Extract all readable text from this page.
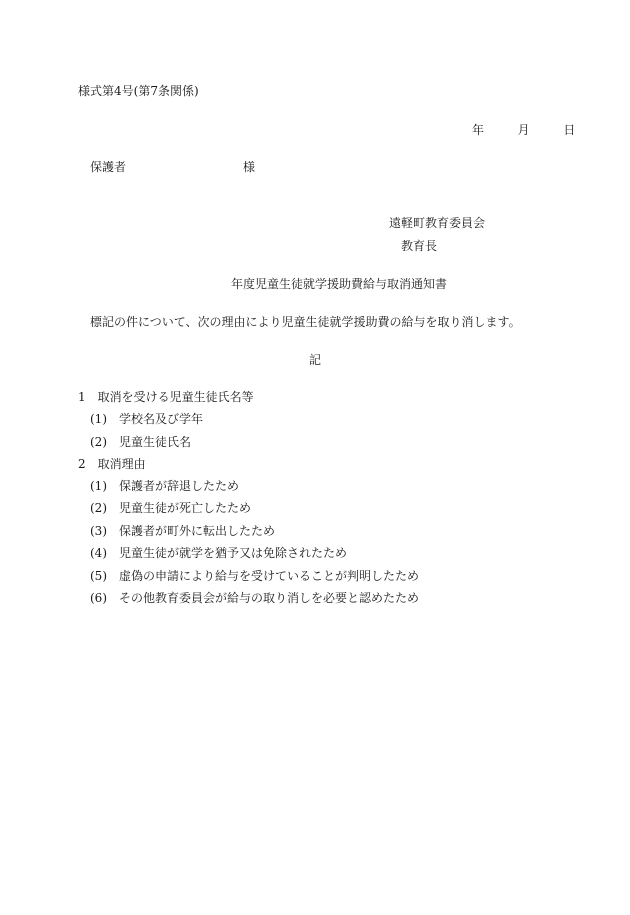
様式第4号(第7条関係)
年	月	日
保護者	様
遠軽町教育委員会
教育長
年度児童生徒就学援助費給与取消通知書
標記の件について、次の理由により児童生徒就学援助費の給与を取り消します。
記
1　取消を受ける児童生徒氏名等
(1)　学校名及び学年
(2)　児童生徒氏名
2　取消理由
(1)　保護者が辞退したため
(2)　児童生徒が死亡したため
(3)　保護者が町外に転出したため
(4)　児童生徒が就学を猶予又は免除されたため
(5)　虚偽の申請により給与を受けていることが判明したため
(6)　その他教育委員会が給与の取り消しを必要と認めたため
